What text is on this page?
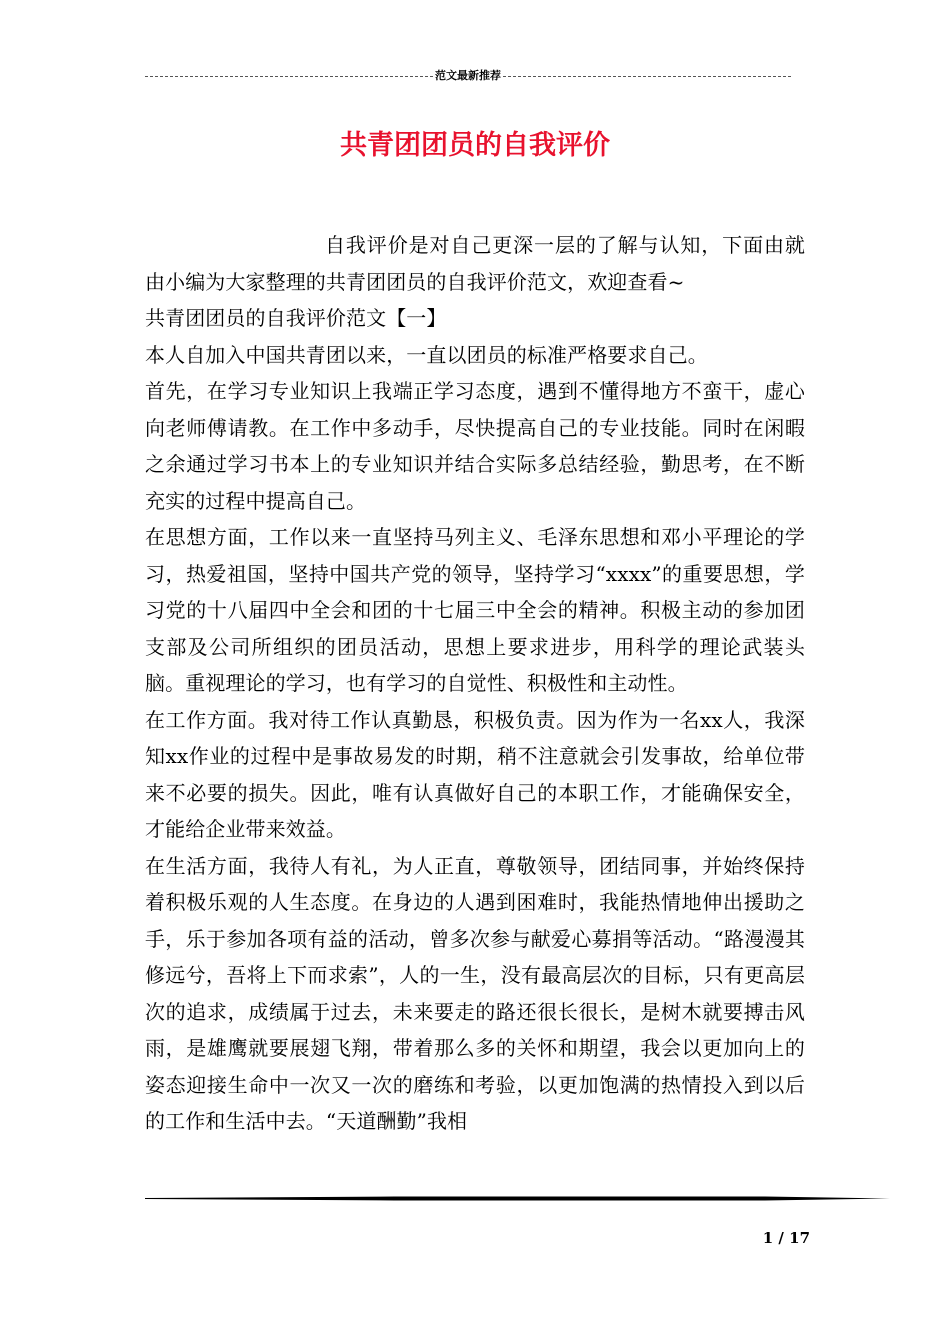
范文最新推荐
共青团团员的自我评价

自我评价是对自己更深一层的了解与认知，下面由就由小编为大家整理的共青团团员的自我评价范文，欢迎查看~

共青团团员的自我评价范文【一】

本人自加入中国共青团以来，一直以团员的标准严格要求自己。

首先，在学习专业知识上我端正学习态度，遇到不懂得地方不蛮干，虚心向老师傅请教。在工作中多动手，尽快提高自己的专业技能。同时在闲暇之余通过学习书本上的专业知识并结合实际多总结经验，勤思考，在不断充实的过程中提高自己。

在思想方面，工作以来一直坚持马列主义、毛泽东思想和邓小平理论的学习，热爱祖国，坚持中国共产党的领导，坚持学习“xxxx”的重要思想，学习党的十八届四中全会和团的十七届三中全会的精神。积极主动的参加团支部及公司所组织的团员活动，思想上要求进步，用科学的理论武装头脑。重视理论的学习，也有学习的自觉性、积极性和主动性。

在工作方面。我对待工作认真勤恳，积极负责。因为作为一名xx人，我深知xx作业的过程中是事故易发的时期，稍不注意就会引发事故，给单位带来不必要的损失。因此，唯有认真做好自己的本职工作，才能确保安全，才能给企业带来效益。

在生活方面，我待人有礼，为人正直，尊敬领导，团结同事，并始终保持着积极乐观的人生态度。在身边的人遇到困难时，我能热情地伸出援助之手，乐于参加各项有益的活动，曾多次参与献爱心募捐等活动。“路漫漫其修远兮，吾将上下而求索”，人的一生，没有最高层次的目标，只有更高层次的追求，成绩属于过去，未来要走的路还很长很长，是树木就要搏击风雨，是雄鹰就要展翅飞翔，带着那么多的关怀和期望，我会以更加向上的姿态迎接生命中一次又一次的磨练和考验，以更加饱满的热情投入到以后的工作和生活中去。“天道酬勤”我相

1 / 17
